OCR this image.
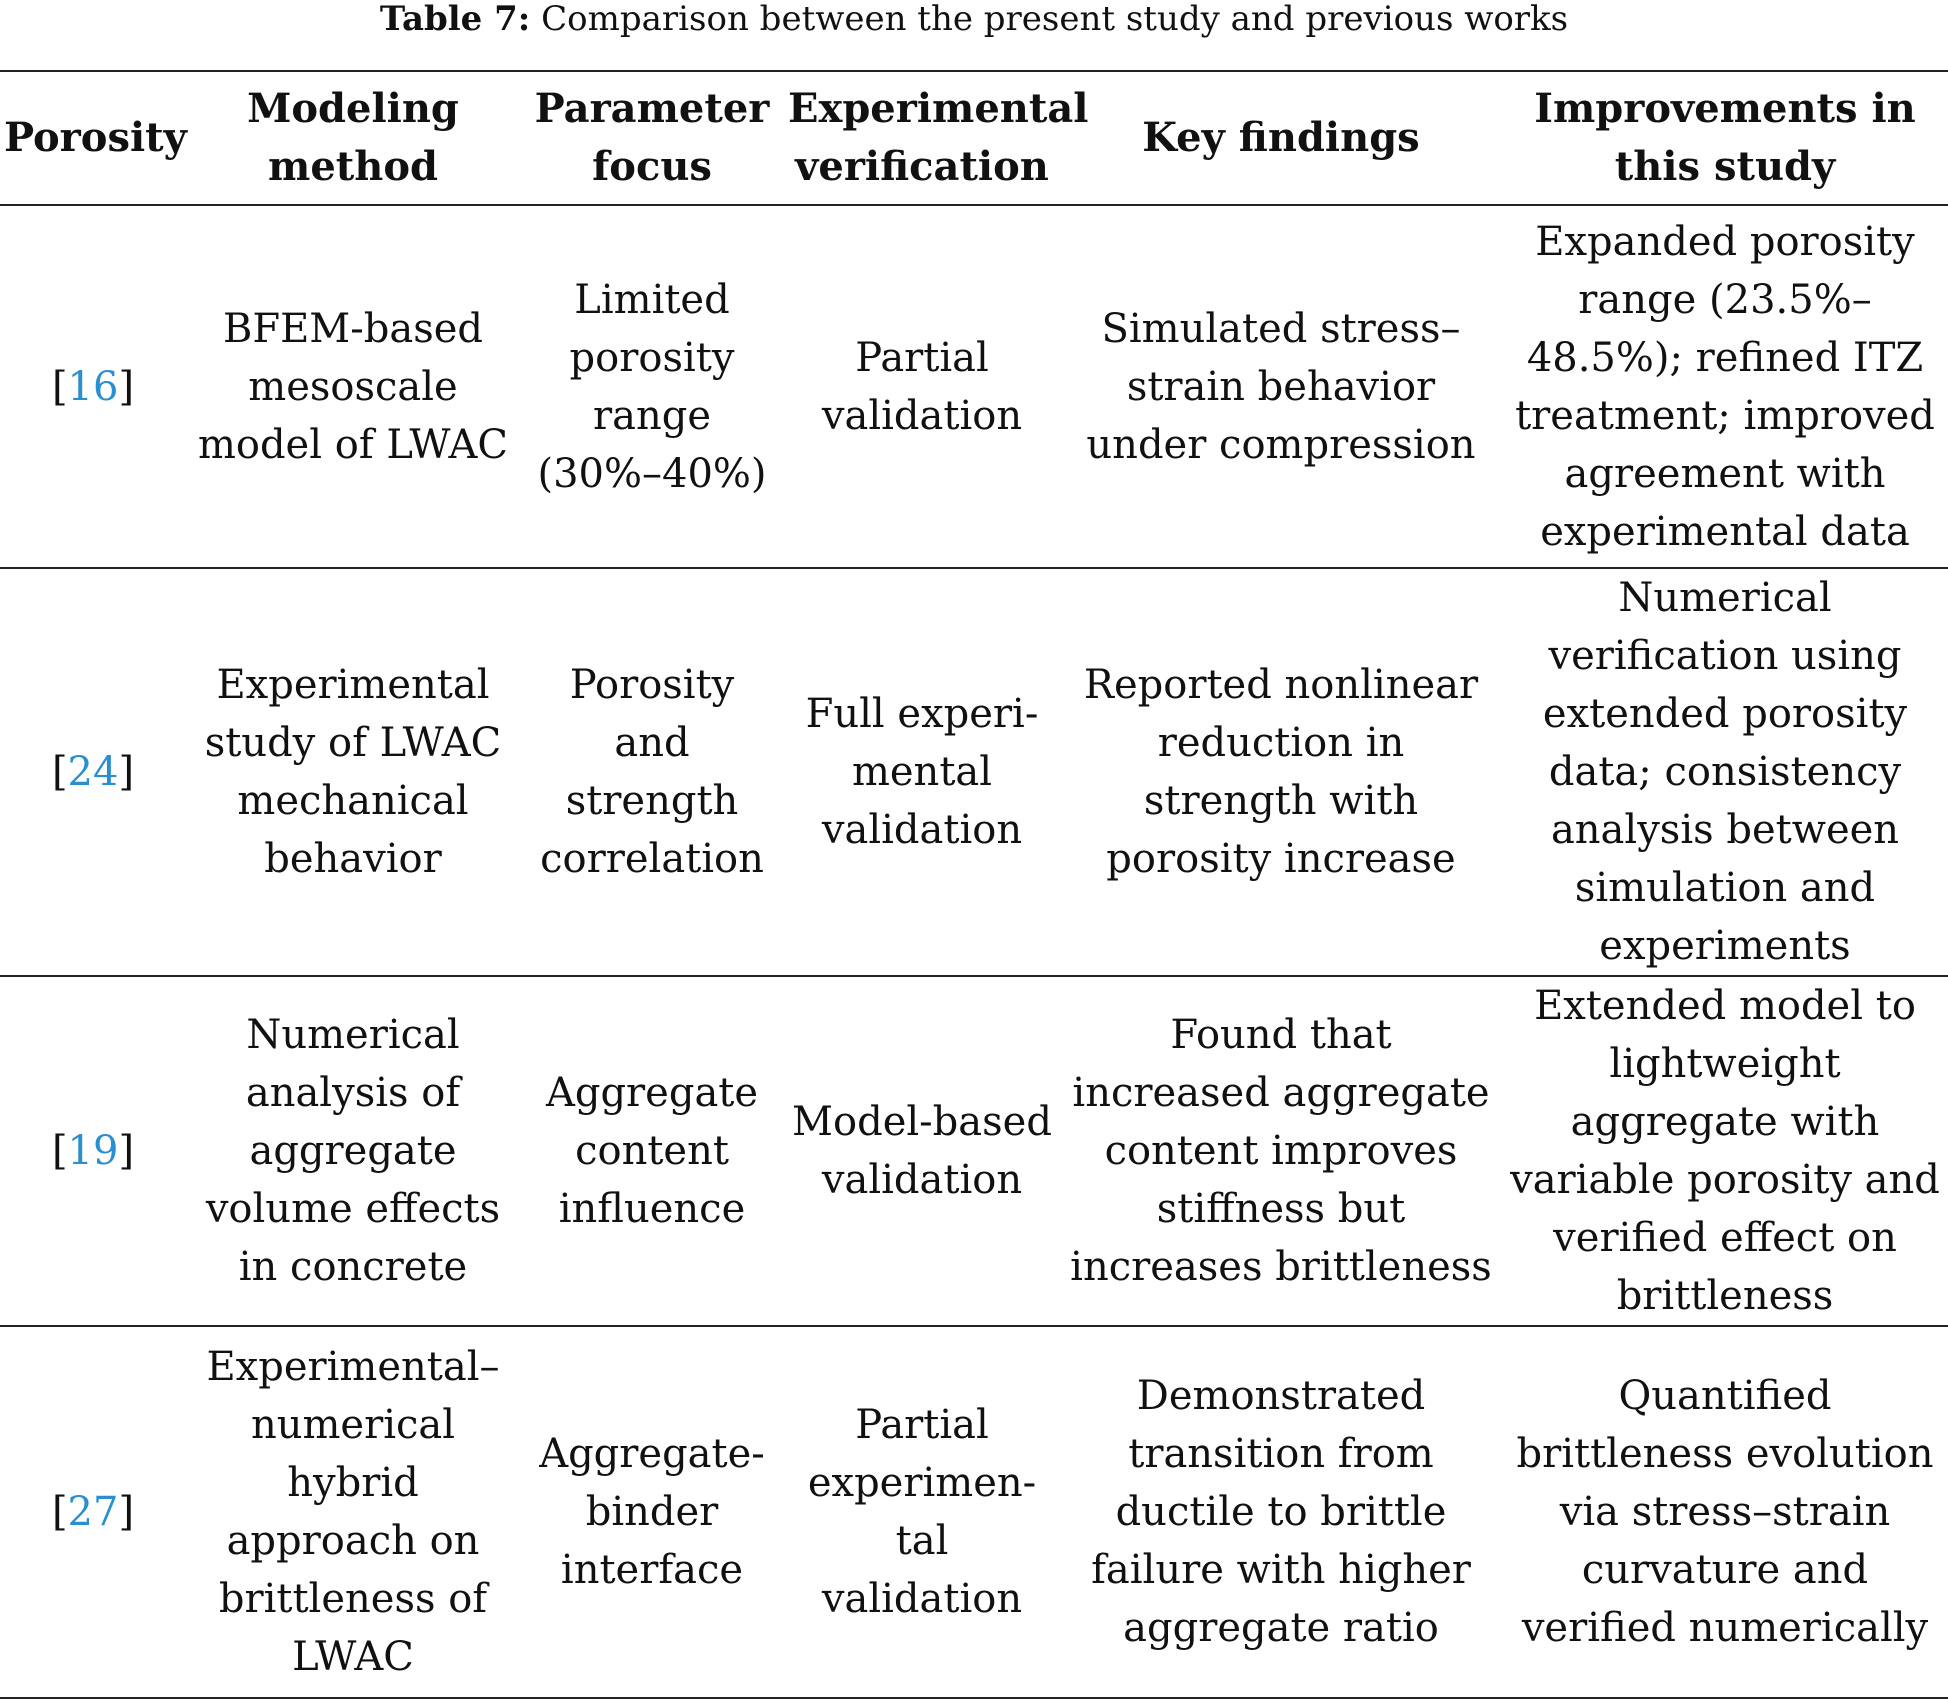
Table 7: Comparison between the present study and previous works
Porosity	Modeling method	Parameter focus	Experimental verification	Key findings	Improvements in this study
[16]	BFEM-based mesoscale model of LWAC	Limited porosity range (30%–40%)	Partial validation	Simulated stress–strain behavior under compression	Expanded porosity range (23.5%–48.5%); refined ITZ treatment; improved agreement with experimental data
[24]	Experimental study of LWAC mechanical behavior	Porosity and strength correlation	Full experi-mental validation	Reported nonlinear reduction in strength with porosity increase	Numerical verification using extended porosity data; consistency analysis between simulation and experiments
[19]	Numerical analysis of aggregate volume effects in concrete	Aggregate content influence	Model-based validation	Found that increased aggregate content improves stiffness but increases brittleness	Extended model to lightweight aggregate with variable porosity and verified effect on brittleness
[27]	Experimental–numerical hybrid approach on brittleness of LWAC	Aggregate-binder interface	Partial experimen-tal validation	Demonstrated transition from ductile to brittle failure with higher aggregate ratio	Quantified brittleness evolution via stress–strain curvature and verified numerically
